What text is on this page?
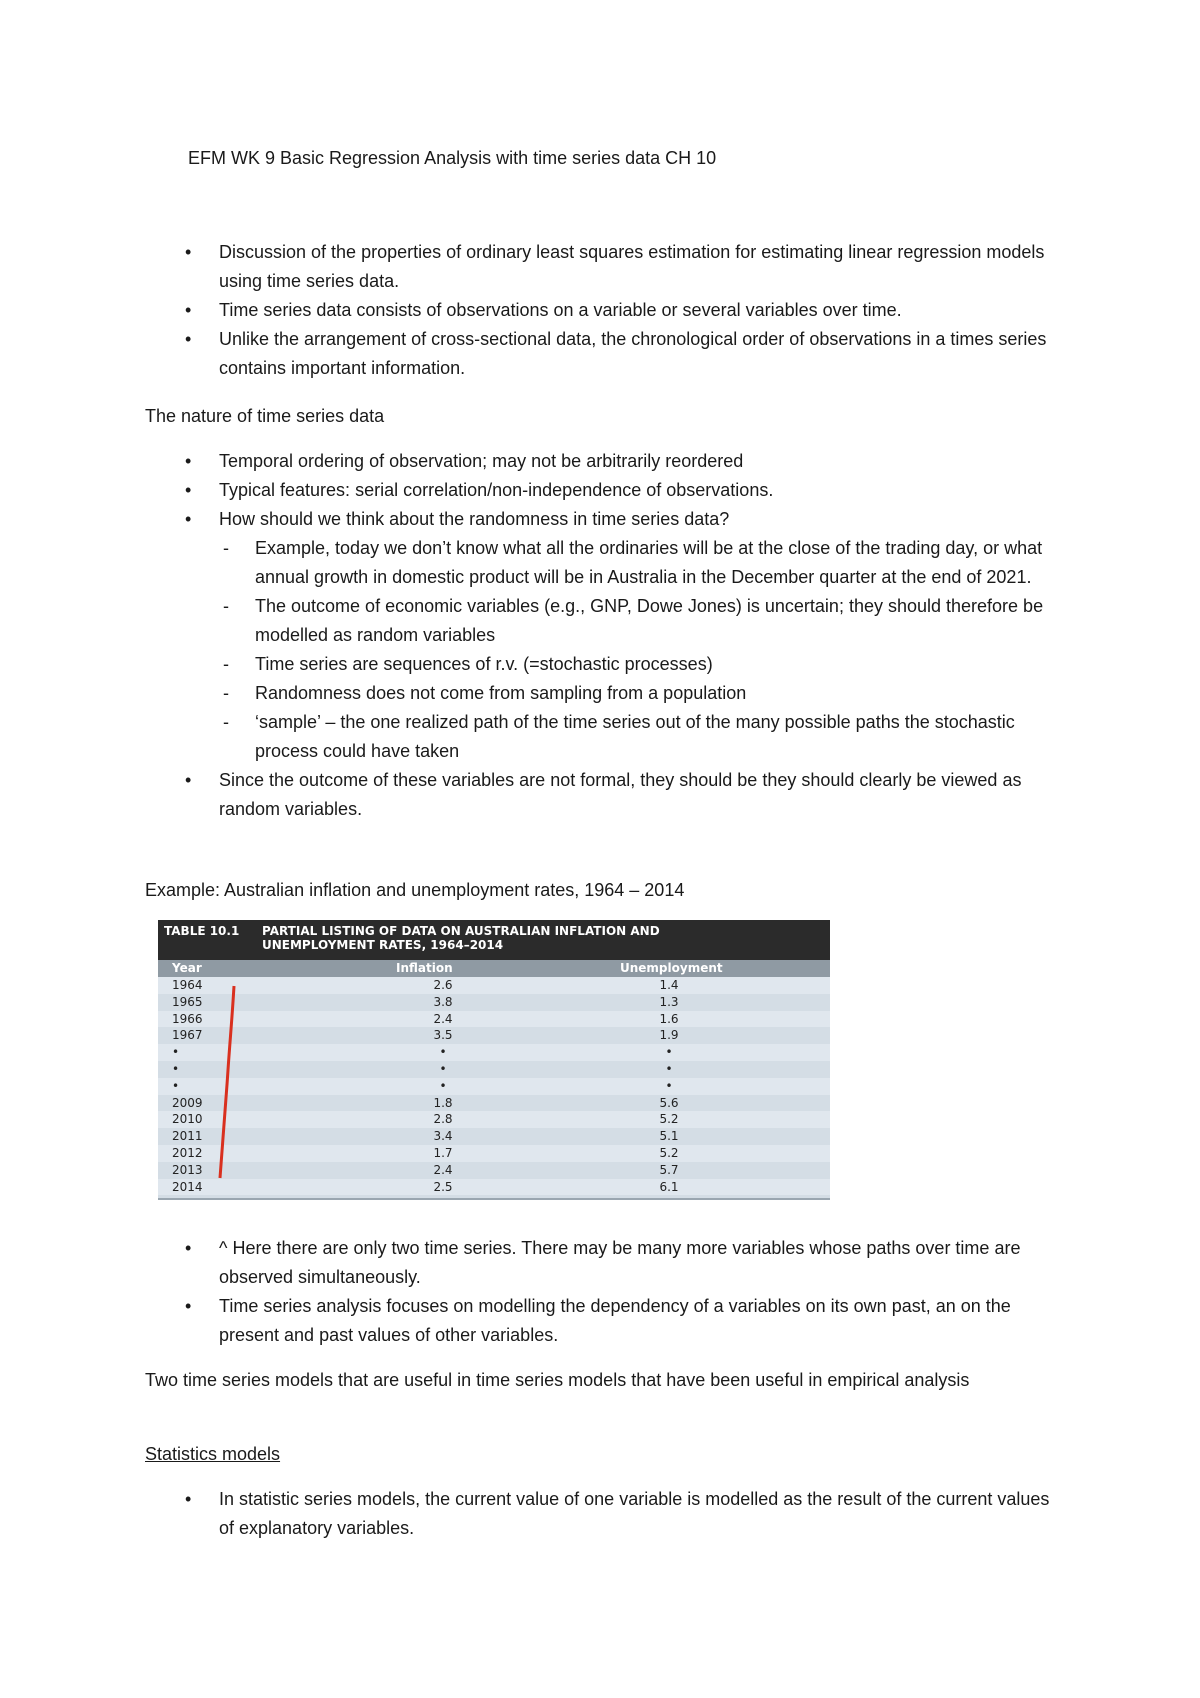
EFM WK 9 Basic Regression Analysis with time series data CH 10
• Discussion of the properties of ordinary least squares estimation for estimating linear regression models using time series data.
• Time series data consists of observations on a variable or several variables over time.
• Unlike the arrangement of cross-sectional data, the chronological order of observations in a times series contains important information.
The nature of time series data
• Temporal ordering of observation; may not be arbitrarily reordered
• Typical features: serial correlation/non-independence of observations.
• How should we think about the randomness in time series data?
- Example, today we don’t know what all the ordinaries will be at the close of the trading day, or what annual growth in domestic product will be in Australia in the December quarter at the end of 2021.
- The outcome of economic variables (e.g., GNP, Dowe Jones) is uncertain; they should therefore be modelled as random variables
- Time series are sequences of r.v. (=stochastic processes)
- Randomness does not come from sampling from a population
- ‘sample’ – the one realized path of the time series out of the many possible paths the stochastic process could have taken
• Since the outcome of these variables are not formal, they should be they should clearly be viewed as random variables.
Example: Australian inflation and unemployment rates, 1964 – 2014
TABLE 10.1 PARTIAL LISTING OF DATA ON AUSTRALIAN INFLATION AND UNEMPLOYMENT RATES, 1964–2014
Year	Inflation	Unemployment
1964	2.6	1.4
1965	3.8	1.3
1966	2.4	1.6
1967	3.5	1.9
•	•	•
•	•	•
•	•	•
2009	1.8	5.6
2010	2.8	5.2
2011	3.4	5.1
2012	1.7	5.2
2013	2.4	5.7
2014	2.5	6.1
• ^ Here there are only two time series. There may be many more variables whose paths over time are observed simultaneously.
• Time series analysis focuses on modelling the dependency of a variables on its own past, an on the present and past values of other variables.
Two time series models that are useful in time series models that have been useful in empirical analysis
Statistics models
• In statistic series models, the current value of one variable is modelled as the result of the current values of explanatory variables.
